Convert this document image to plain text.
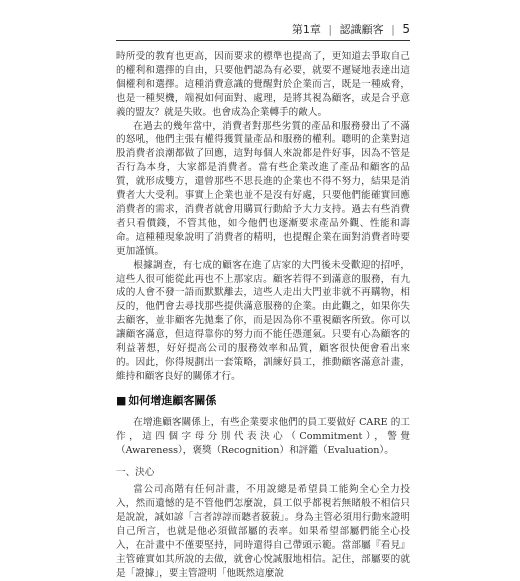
第1章 | 認識顧客 | 5

時所受的教育也更高，因而要求的標準也提高了，更知道去爭取自己的權利和選擇的自由，只要他們認為有必要，就要不遲疑地表達出這個權利和選擇。這種消費意識的覺醒對於企業而言，既是一種威脅，也是一種契機，端視如何面對、處理，是將其視為顧客，或是合乎意義的盟友？就是失敗。也會成為企業轉手的敵人。

在過去的幾年當中，消費者對那些劣質的產品和服務發出了不滿的怒吼，他們主張有權得獲質量產品和服務的權利。聰明的企業對這股消費者浪潮都做了回應，這對每個人來說都是件好事，因為不管是否行為本身，大家都是消費者。當有些企業改進了產品和顧客的品質，就形成雙方，還曾那些不思長進的企業也不得不努力，結果是消費者大大受利。事實上企業也並不是沒有好處，只要他們能確實回應消費者的需求，消費者就會用購買行動給予大力支持。過去有些消費者只看價錢，不管其他，如今他們也逐漸要求產品外觀、性能和壽命。這種種現象說明了消費者的精明，也提醒企業在面對消費者時要更加謹慎。

根據調查，有七成的顧客在進了店家的大門後未受歡迎的招呼，這些人很可能從此再也不上那家店。顧客若得不到滿意的服務，有九成的人會不發一語而默默離去，這些人走出大門並非就不再購物，相反的，他們會去尋找那些提供滿意服務的企業。由此觀之，如果你失去顧客，並非顧客先拋棄了你，而是因為你不重視顧客所致。你可以讓顧客滿意，但這得靠你的努力而不能任憑運氣。只要有心為顧客的利益著想，好好提高公司的服務效率和品質，顧客很快便會看出來的。因此，你得規劃出一套策略，訓練好員工，推動顧客滿意計畫，維持和顧客良好的關係才行。

■ 如何增進顧客關係

在增進顧客關係上，有些企業要求他們的員工要做好 CARE 的工作，這四個字母分別代表決心（Commitment），警覺（Awareness），褒獎（Recognition）和評鑑（Evaluation）。

一、決心

當公司高階有任何計畫，不用說總是希望員工能夠全心全力投入，然而遺憾的是不管他們怎麼說，員工似乎都視若無睹般不相信只是說說，誠如諺「言者諄諄而聽者藐藐」。身為主管必須用行動來證明自己所言，也就是他必須做部屬的表率。如果希望部屬們能全心投入，在計畫中不僅要堅持，同時還得自己帶頭示範。當部屬『看見』主管確實如其所說的去做，就會心悅誠服地相信。記住，部屬要的就是「證據」，要主管證明「他既然這麼說
